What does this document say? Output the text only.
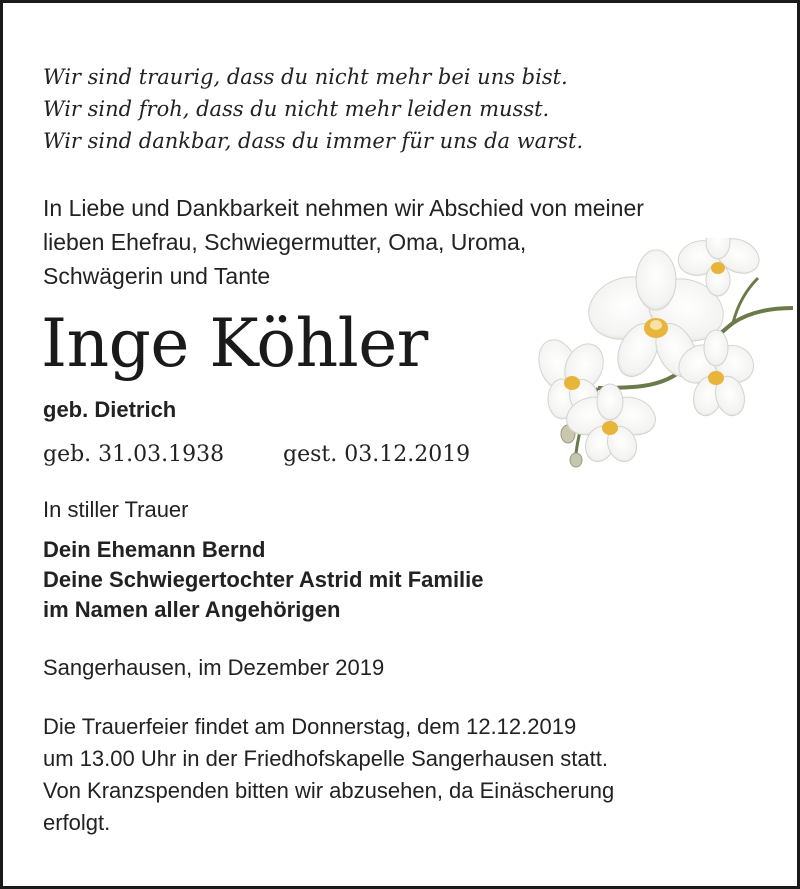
Wir sind traurig, dass du nicht mehr bei uns bist.
Wir sind froh, dass du nicht mehr leiden musst.
Wir sind dankbar, dass du immer für uns da warst.
In Liebe und Dankbarkeit nehmen wir Abschied von meiner
lieben Ehefrau, Schwiegermutter, Oma, Uroma,
Schwägerin und Tante
Inge Köhler
geb. Dietrich
geb. 31.03.1938	gest. 03.12.2019
In stiller Trauer
Dein Ehemann Bernd
Deine Schwiegertochter Astrid mit Familie
im Namen aller Angehörigen
Sangerhausen, im Dezember 2019
Die Trauerfeier findet am Donnerstag, dem 12.12.2019
um 13.00 Uhr in der Friedhofskapelle Sangerhausen statt.
Von Kranzspenden bitten wir abzusehen, da Einäscherung
erfolgt.
